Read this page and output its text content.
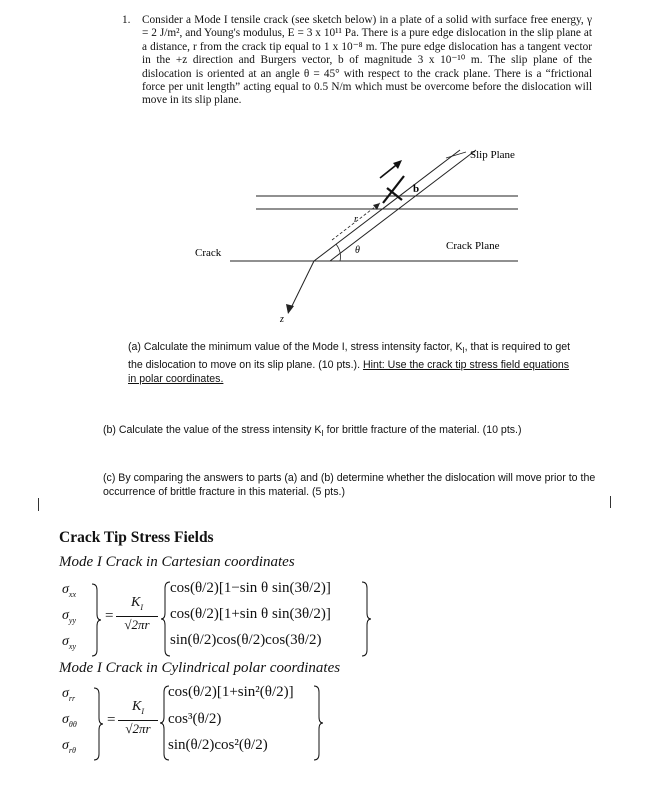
1. Consider a Mode I tensile crack (see sketch below) in a plate of a solid with surface free energy, γ = 2 J/m², and Young's modulus, E = 3 x 10¹¹ Pa. There is a pure edge dislocation in the slip plane at a distance, r from the crack tip equal to 1 x 10⁻⁸ m. The pure edge dislocation has a tangent vector in the +z direction and Burgers vector, b of magnitude 3 x 10⁻¹⁰ m. The slip plane of the dislocation is oriented at an angle θ = 45° with respect to the crack plane. There is a “frictional force per unit length” acting equal to 0.5 N/m which must be overcome before the dislocation will move in its slip plane.
Slip Plane
Crack Plane
Crack
b
r
θ
z
(a) Calculate the minimum value of the Mode I, stress intensity factor, $K_I$, that is required to get the dislocation to move on its slip plane. (10 pts.). Hint: Use the crack tip stress field equations in polar coordinates.
(b) Calculate the value of the stress intensity $K_I$ for brittle fracture of the material. (10 pts.)
(c) By comparing the answers to parts (a) and (b) determine whether the dislocation will move prior to the occurrence of brittle fracture in this material. (5 pts.)
Crack Tip Stress Fields
Mode I Crack in Cartesian coordinates
$\sigma_{xx}$
$\sigma_{yy}$
$\sigma_{xy}$
=
$K_I$
√2πr
cos(θ/2)[1−sin θ sin(3θ/2)]
cos(θ/2)[1+sin θ sin(3θ/2)]
sin(θ/2)cos(θ/2)cos(3θ/2)
Mode I Crack in Cylindrical polar coordinates
$\sigma_{rr}$
$\sigma_{\theta\theta}$
$\sigma_{r\theta}$
=
$K_I$
√2πr
cos(θ/2)[1+sin²(θ/2)]
cos³(θ/2)
sin(θ/2)cos²(θ/2)
